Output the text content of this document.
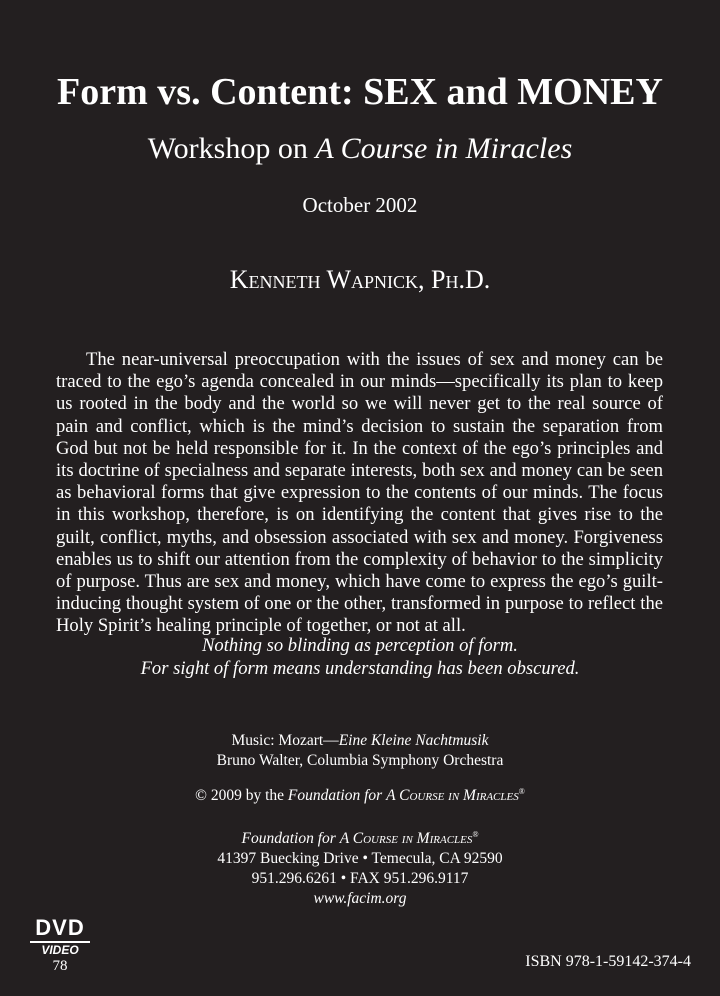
Form vs. Content: SEX and MONEY
Workshop on A Course in Miracles
October 2002
Kenneth Wapnick, Ph.D.

The near-universal preoccupation with the issues of sex and money can be traced to the ego’s agenda concealed in our minds—specifically its plan to keep us rooted in the body and the world so we will never get to the real source of pain and conflict, which is the mind’s decision to sustain the separation from God but not be held responsible for it. In the context of the ego’s principles and its doctrine of specialness and separate interests, both sex and money can be seen as behavioral forms that give expression to the contents of our minds. The focus in this workshop, therefore, is on identifying the content that gives rise to the guilt, conflict, myths, and obsession associated with sex and money. Forgiveness enables us to shift our attention from the complexity of behavior to the simplicity of purpose. Thus are sex and money, which have come to express the ego’s guilt-inducing thought system of one or the other, transformed in purpose to reflect the Holy Spirit’s healing principle of together, or not at all.

Nothing so blinding as perception of form.
For sight of form means understanding has been obscured.
Music: Mozart—Eine Kleine Nachtmusik
Bruno Walter, Columbia Symphony Orchestra
© 2009 by the Foundation for A Course in Miracles®
Foundation for A Course in Miracles®
41397 Buecking Drive • Temecula, CA 92590
951.296.6261 • FAX 951.296.9117
www.facim.org
DVD
VIDEO
78	ISBN 978-1-59142-374-4
